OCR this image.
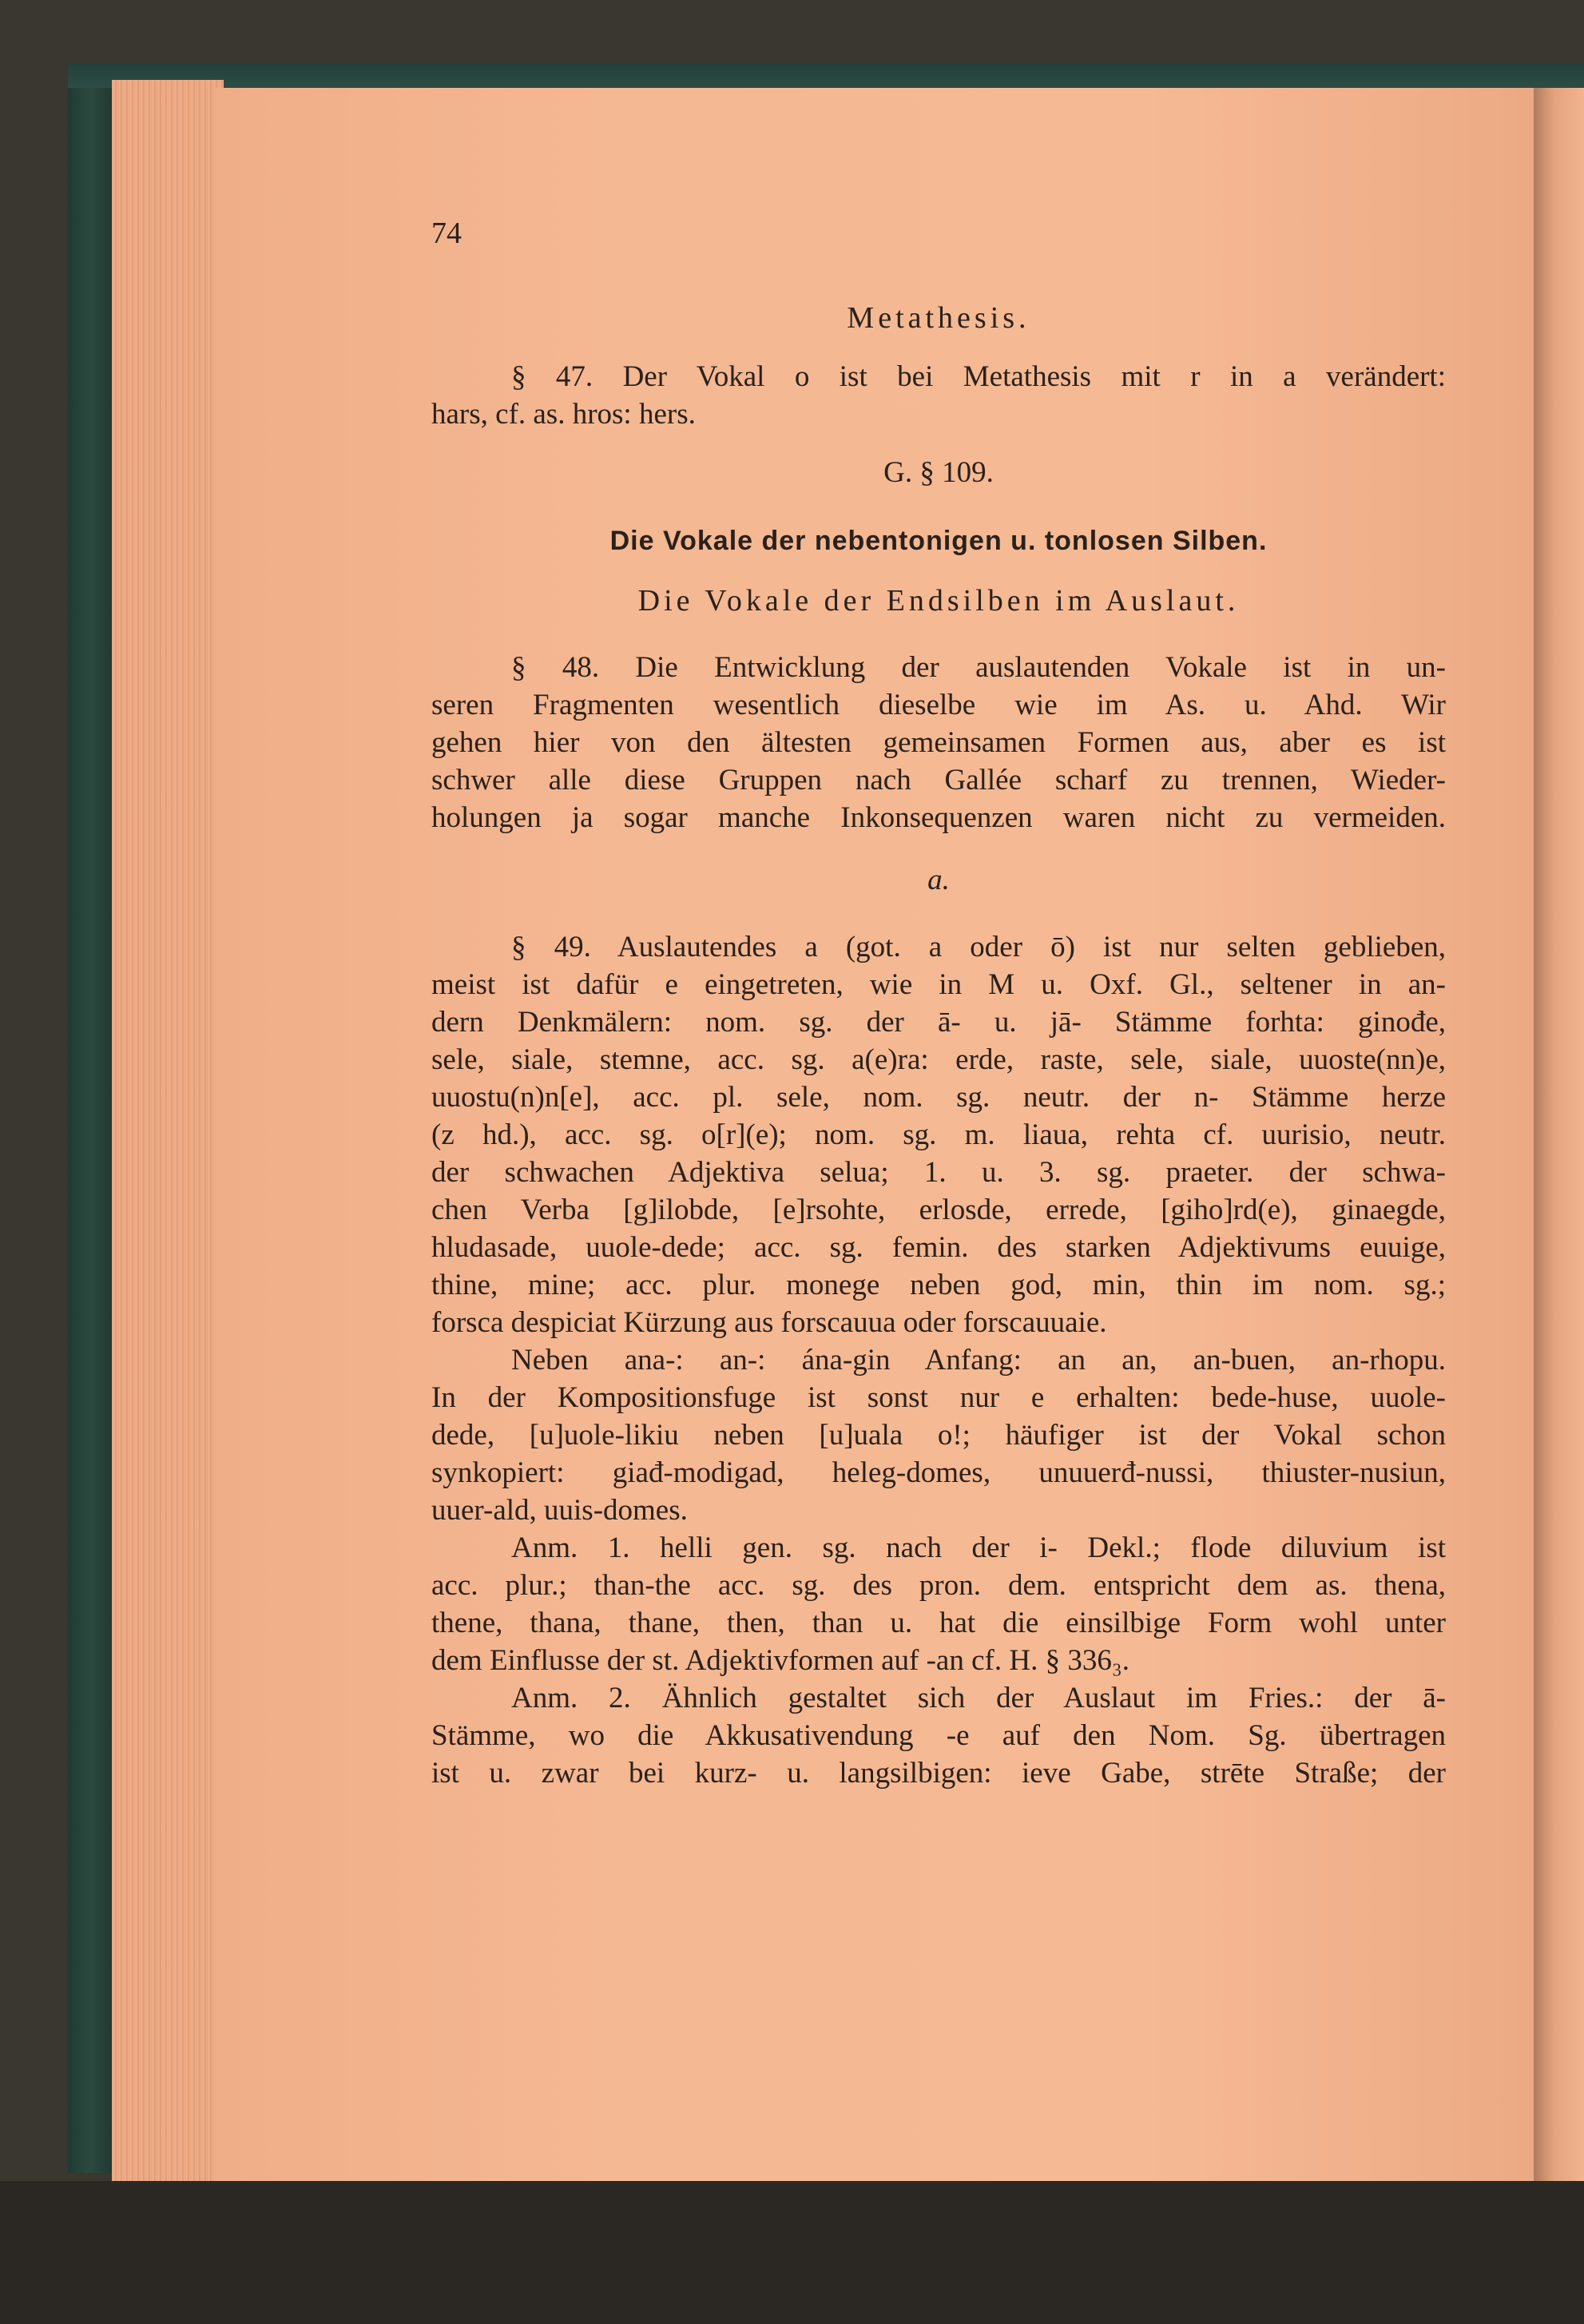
74
Metathesis.
§ 47. Der Vokal o ist bei Metathesis mit r in a verändert:
hars, cf. as. hros: hers.
G. § 109.
Die Vokale der nebentonigen u. tonlosen Silben.
Die Vokale der Endsilben im Auslaut.
§ 48. Die Entwicklung der auslautenden Vokale ist in un-
seren Fragmenten wesentlich dieselbe wie im As. u. Ahd. Wir
gehen hier von den ältesten gemeinsamen Formen aus, aber es ist
schwer alle diese Gruppen nach Gallée scharf zu trennen, Wieder-
holungen ja sogar manche Inkonsequenzen waren nicht zu vermeiden.
a.
§ 49. Auslautendes a (got. a oder ō) ist nur selten geblieben,
meist ist dafür e eingetreten, wie in M u. Oxf. Gl., seltener in an-
dern Denkmälern: nom. sg. der ā- u. jā- Stämme forhta: ginođe,
sele, siale, stemne, acc. sg. a(e)ra: erde, raste, sele, siale, uuoste(nn)e,
uuostu(n)n[e], acc. pl. sele, nom. sg. neutr. der n- Stämme herze
(z hd.), acc. sg. o[r](e); nom. sg. m. liaua, rehta cf. uurisio, neutr.
der schwachen Adjektiva selua; 1. u. 3. sg. praeter. der schwa-
chen Verba [g]ilobde, [e]rsohte, erlosde, errede, [giho]rd(e), ginaegde,
hludasade, uuole-dede; acc. sg. femin. des starken Adjektivums euuige,
thine, mine; acc. plur. monege neben god, min, thin im nom. sg.;
forsca despiciat Kürzung aus forscauua oder forscauuaie.
Neben ana-: an-: ána-gin Anfang: an an, an-buen, an-rhopu.
In der Kompositionsfuge ist sonst nur e erhalten: bede-huse, uuole-
dede, [u]uole-likiu neben [u]uala o!; häufiger ist der Vokal schon
synkopiert: giađ-modigad, heleg-domes, unuuerđ-nussi, thiuster-nusiun,
uuer-ald, uuis-domes.
Anm. 1. helli gen. sg. nach der i- Dekl.; flode diluvium ist
acc. plur.; than-the acc. sg. des pron. dem. entspricht dem as. thena,
thene, thana, thane, then, than u. hat die einsilbige Form wohl unter
dem Einflusse der st. Adjektivformen auf -an cf. H. § 336₃.
Anm. 2. Ähnlich gestaltet sich der Auslaut im Fries.: der ā-
Stämme, wo die Akkusativendung -e auf den Nom. Sg. übertragen
ist u. zwar bei kurz- u. langsilbigen: ieve Gabe, strēte Straße; der
